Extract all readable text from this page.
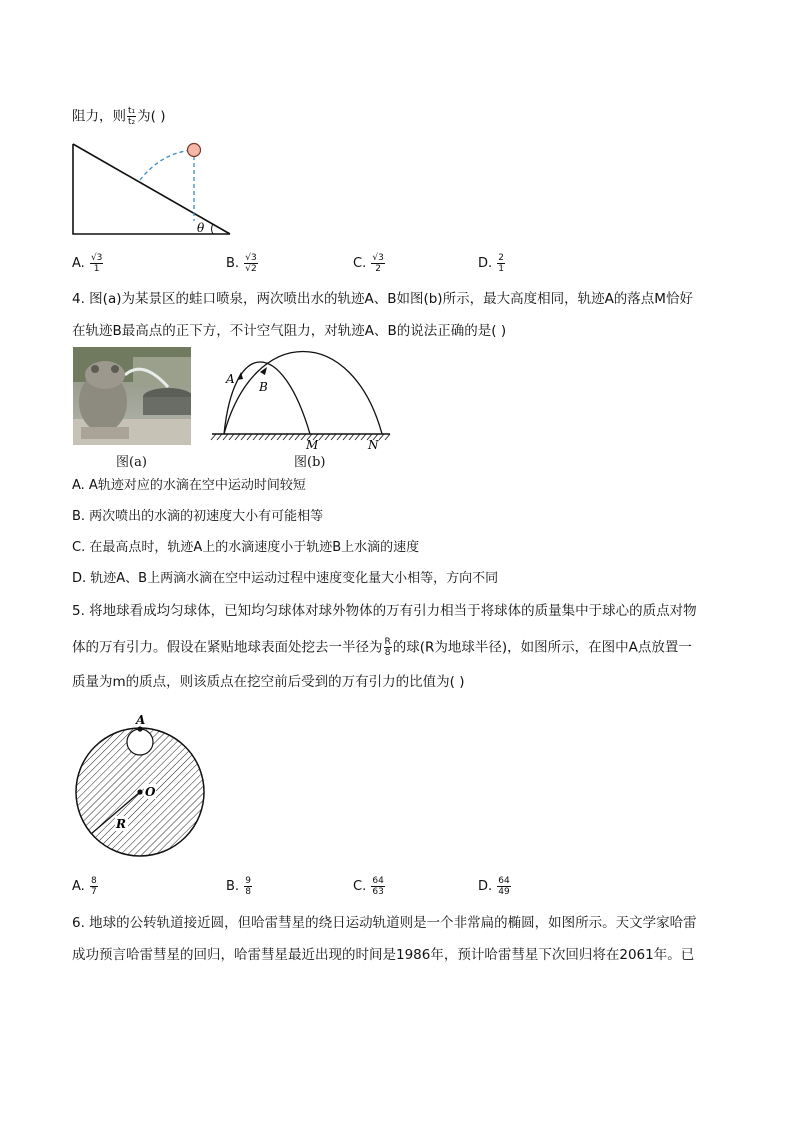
阻力，则 $\frac{\text{t₁}}{\text{t₂}}$ 为( )
θ
A. $\frac{√3}{1}$	B. $\frac{√3}{√2}$	C. $\frac{√3}{2}$	D. $\frac{2}{1}$
4. 图(a)为某景区的蛙口喷泉，两次喷出水的轨迹A、B如图(b)所示，最大高度相同，轨迹A的落点M恰好
在轨迹B最高点的正下方，不计空气阻力，对轨迹A、B的说法正确的是( )
图(a)
A
B
M	N
图(b)
A. A轨迹对应的水滴在空中运动时间较短
B. 两次喷出的水滴的初速度大小有可能相等
C. 在最高点时，轨迹A上的水滴速度小于轨迹B上水滴的速度
D. 轨迹A、B上两滴水滴在空中运动过程中速度变化量大小相等，方向不同
5. 将地球看成均匀球体，已知均匀球体对球外物体的万有引力相当于将球体的质量集中于球心的质点对物
体的万有引力。假设在紧贴地球表面处挖去一半径为 $\frac{R}{8}$ 的球(R为地球半径)，如图所示，在图中A点放置一
质量为m的质点，则该质点在挖空前后受到的万有引力的比值为( )
A
O
R
A. $\frac{8}{7}$	B. $\frac{9}{8}$	C. $\frac{64}{63}$	D. $\frac{64}{49}$
6. 地球的公转轨道接近圆，但哈雷彗星的绕日运动轨道则是一个非常扁的椭圆，如图所示。天文学家哈雷
成功预言哈雷彗星的回归，哈雷彗星最近出现的时间是1986年，预计哈雷彗星下次回归将在2061年。已
